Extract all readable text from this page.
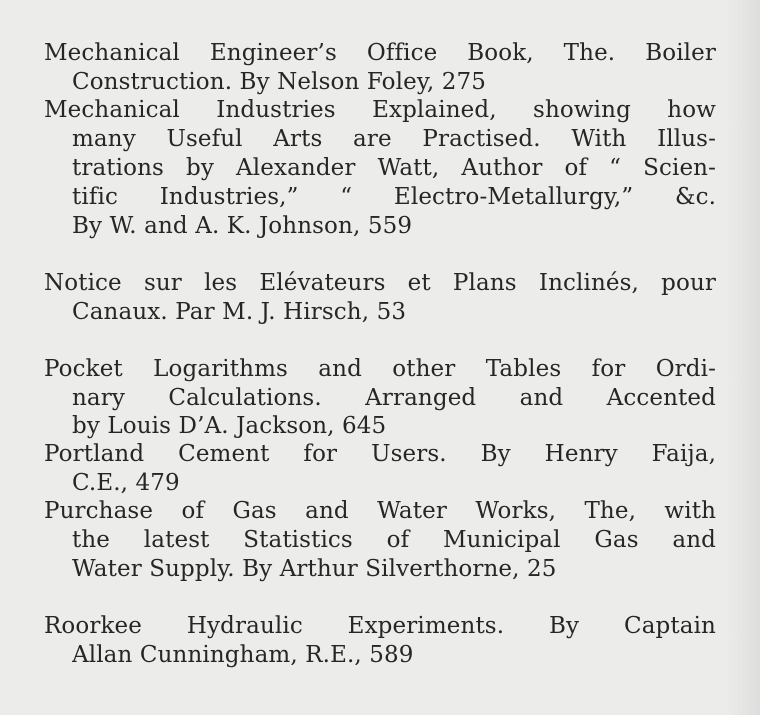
Mechanical Engineer’s Office Book, The. Boiler
Construction. By Nelson Foley, 275
Mechanical Industries Explained, showing how
many Useful Arts are Practised. With Illus-
trations by Alexander Watt, Author of “ Scien-
tific Industries,” “ Electro-Metallurgy,” &c.
By W. and A. K. Johnson, 559
Notice sur les Elévateurs et Plans Inclinés, pour
Canaux. Par M. J. Hirsch, 53
Pocket Logarithms and other Tables for Ordi-
nary Calculations. Arranged and Accented
by Louis D’A. Jackson, 645
Portland Cement for Users. By Henry Faija,
C.E., 479
Purchase of Gas and Water Works, The, with
the latest Statistics of Municipal Gas and
Water Supply. By Arthur Silverthorne, 25
Roorkee Hydraulic Experiments. By Captain
Allan Cunningham, R.E., 589
